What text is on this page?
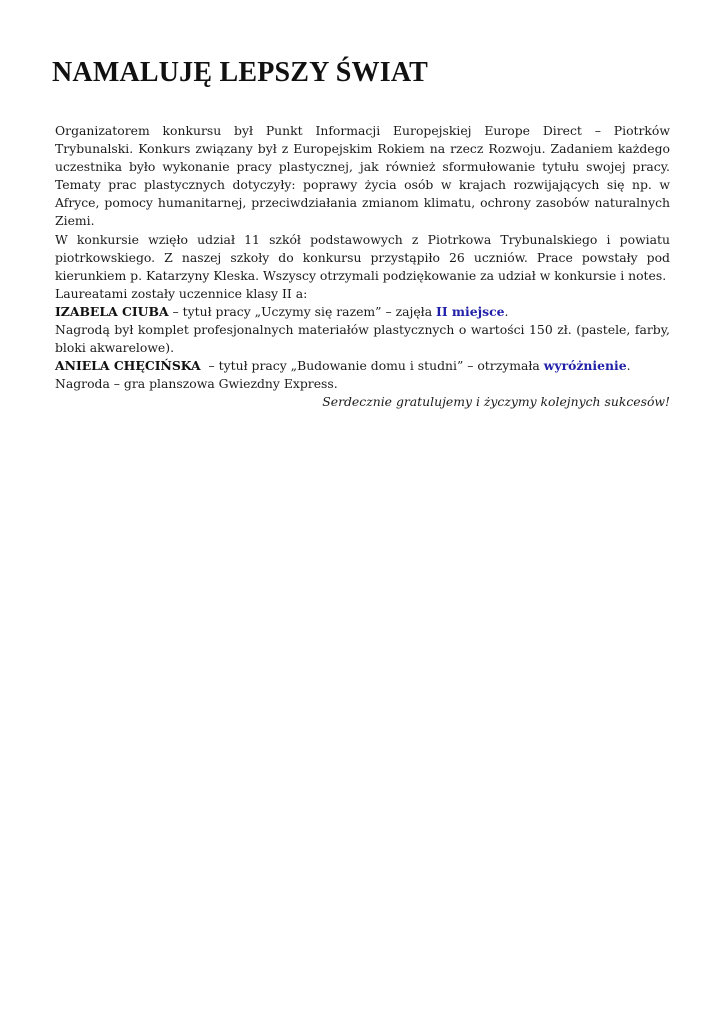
NAMALUJĘ LEPSZY ŚWIAT

Organizatorem konkursu był Punkt Informacji Europejskiej Europe Direct – Piotrków Trybunalski. Konkurs związany był z Europejskim Rokiem na rzecz Rozwoju. Zadaniem każdego uczestnika było wykonanie pracy plastycznej, jak również sformułowanie tytułu swojej pracy. Tematy prac plastycznych dotyczyły: poprawy życia osób w krajach rozwijających się np. w Afryce, pomocy humanitarnej, przeciwdziałania zmianom klimatu, ochrony zasobów naturalnych Ziemi.

W konkursie wzięło udział 11 szkół podstawowych z Piotrkowa Trybunalskiego i powiatu piotrkowskiego. Z naszej szkoły do konkursu przystąpiło 26 uczniów. Prace powstały pod kierunkiem p. Katarzyny Kleska. Wszyscy otrzymali podziękowanie za udział w konkursie i notes.

Laureatami zostały uczennice klasy II a:

IZABELA CIUBA – tytuł pracy „Uczymy się razem” – zajęła II miejsce.

Nagrodą był komplet profesjonalnych materiałów plastycznych o wartości 150 zł. (pastele, farby, bloki akwarelowe).

ANIELA CHĘCIŃSKA  – tytuł pracy „Budowanie domu i studni” – otrzymała wyróżnienie.

Nagroda – gra planszowa Gwiezdny Express.

Serdecznie gratulujemy i życzymy kolejnych sukcesów!
